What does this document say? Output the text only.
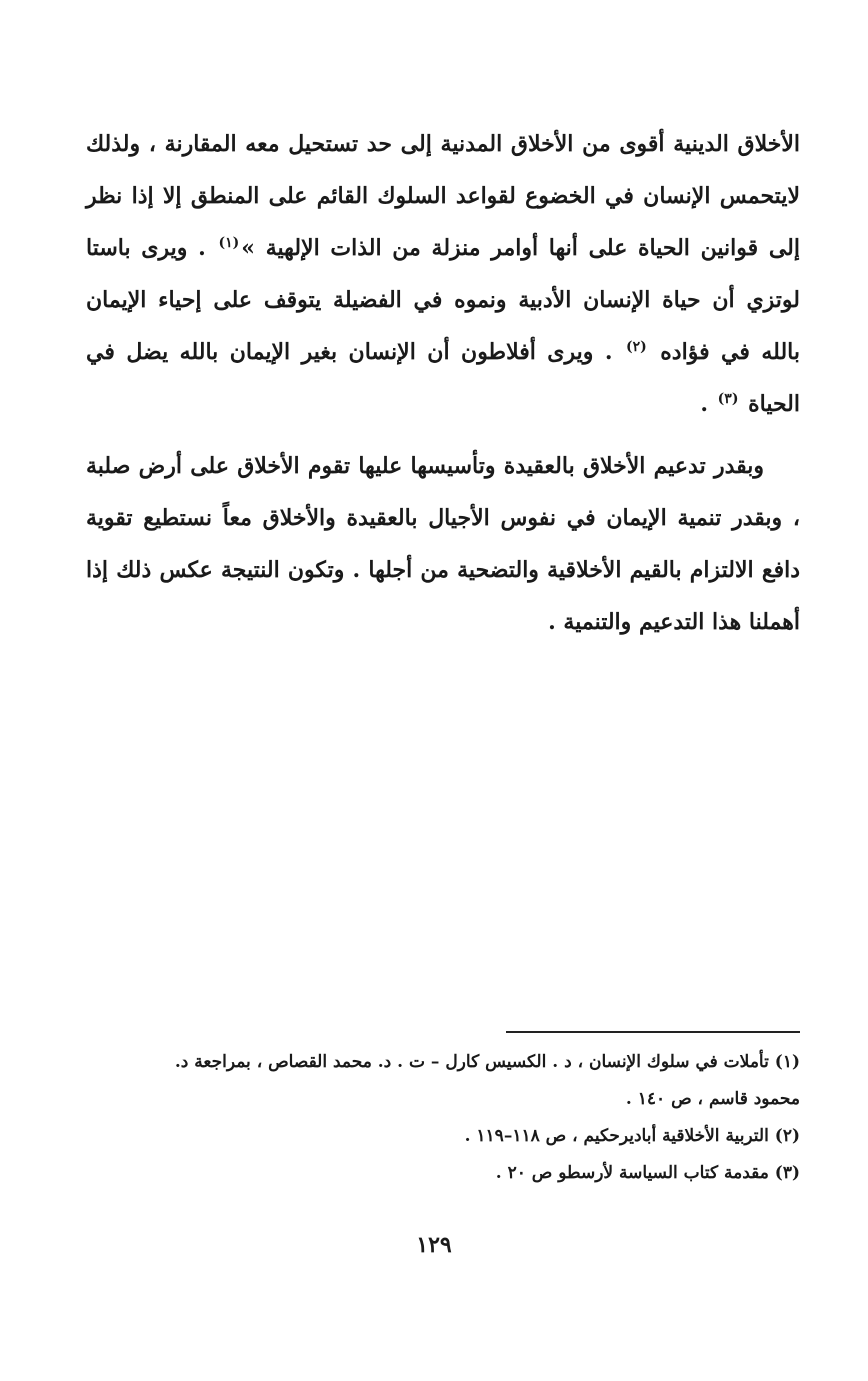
الأخلاق الدينية أقوى من الأخلاق المدنية إلى حد تستحيل معه المقارنة ، ولذلك لايتحمس الإنسان في الخضوع لقواعد السلوك القائم على المنطق إلا إذا نظر إلى قوانين الحياة على أنها أوامر منزلة من الذات الإلهية »$^{(١)}$ . ويرى باستا لوتزي أن حياة الإنسان الأدبية ونموه في الفضيلة يتوقف على إحياء الإيمان بالله في فؤاده $^{(٢)}$ . ويرى أفلاطون أن الإنسان بغير الإيمان بالله يضل في الحياة $^{(٣)}$ .

وبقدر تدعيم الأخلاق بالعقيدة وتأسيسها عليها تقوم الأخلاق على أرض صلبة ، وبقدر تنمية الإيمان في نفوس الأجيال بالعقيدة والأخلاق معاً نستطيع تقوية دافع الالتزام بالقيم الأخلاقية والتضحية من أجلها . وتكون النتيجة عكس ذلك إذا أهملنا هذا التدعيم والتنمية .

(١) تأملات في سلوك الإنسان ، د . الكسيس كارل – ت . د. محمد القصاص ، بمراجعة د.
محمود قاسم ، ص ١٤٠ .

(٢) التربية الأخلاقية أباديرحكيم ، ص ١١٨–١١٩ .

(٣) مقدمة كتاب السياسة لأرسطو ص ٢٠ .

١٢٩
